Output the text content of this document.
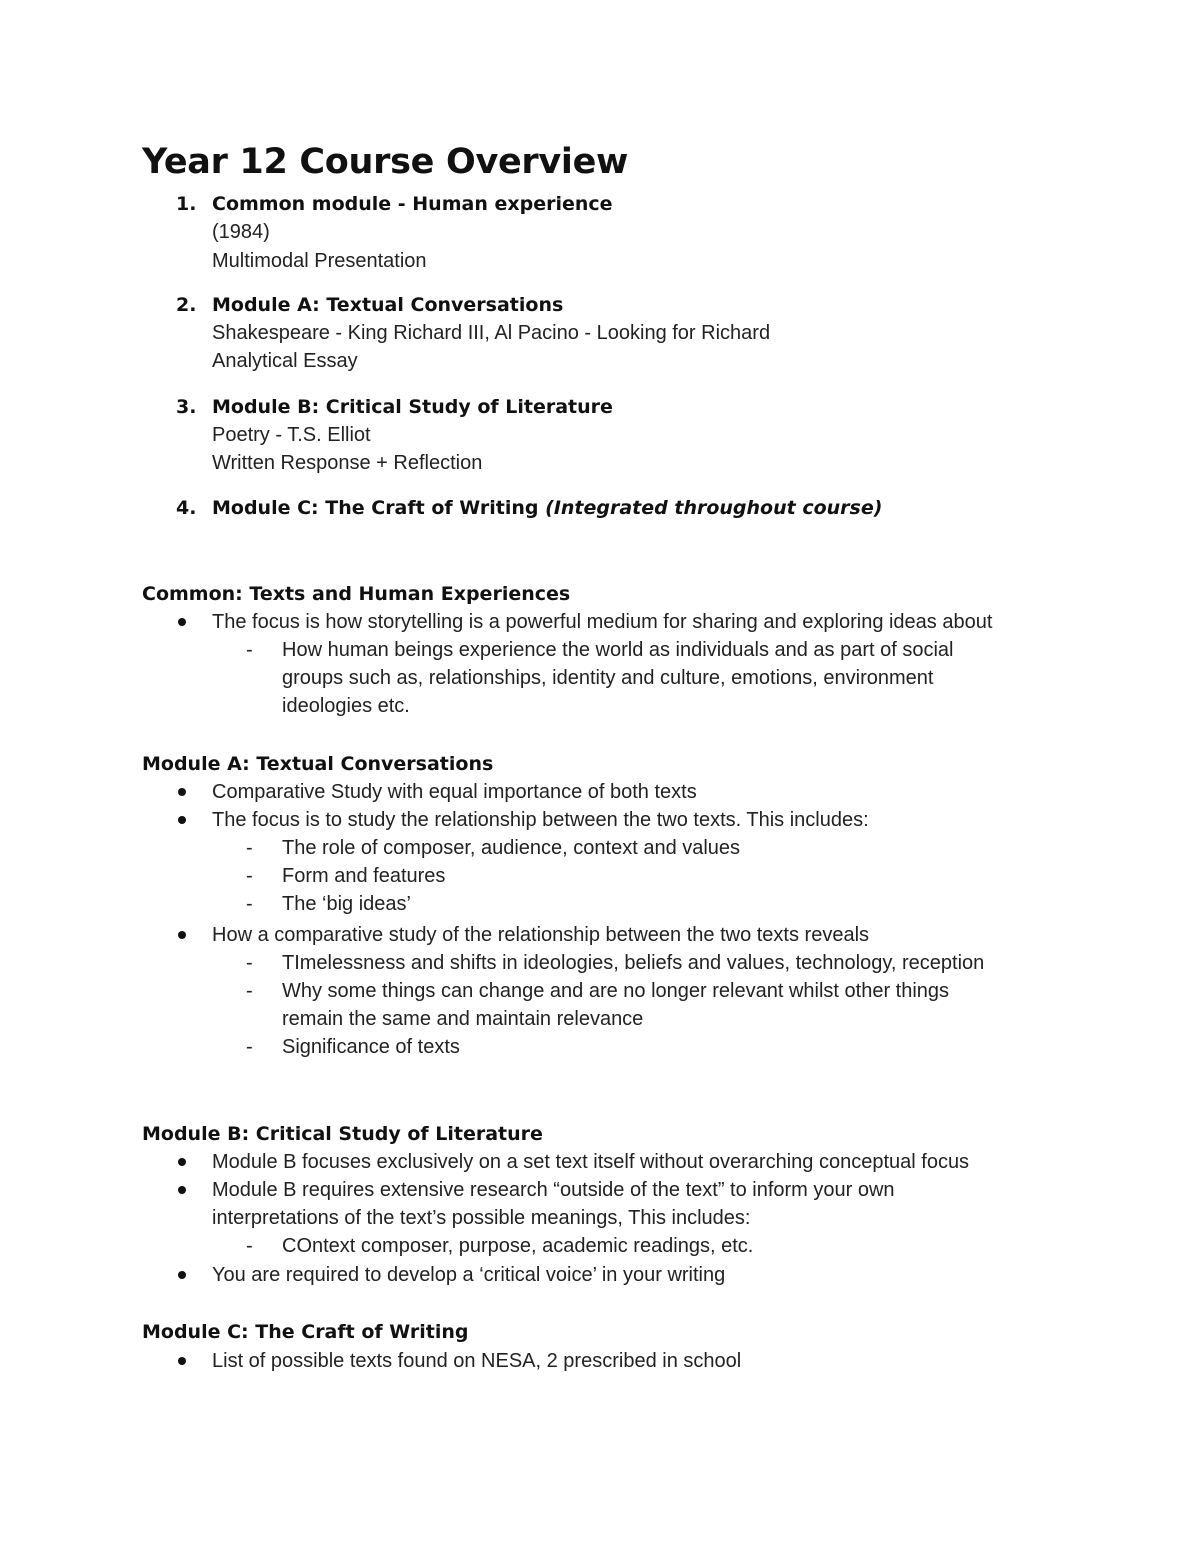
Year 12 Course Overview
1. Common module - Human experience
(1984)
Multimodal Presentation
2. Module A: Textual Conversations
Shakespeare - King Richard III, Al Pacino - Looking for Richard
Analytical Essay
3. Module B: Critical Study of Literature
Poetry - T.S. Elliot
Written Response + Reflection
4. Module C: The Craft of Writing (Integrated throughout course)
Common: Texts and Human Experiences
The focus is how storytelling is a powerful medium for sharing and exploring ideas about
- How human beings experience the world as individuals and as part of social
groups such as, relationships, identity and culture, emotions, environment
ideologies etc.
Module A: Textual Conversations
Comparative Study with equal importance of both texts
The focus is to study the relationship between the two texts. This includes:
- The role of composer, audience, context and values
- Form and features
- The ‘big ideas’
How a comparative study of the relationship between the two texts reveals
- TImelessness and shifts in ideologies, beliefs and values, technology, reception
- Why some things can change and are no longer relevant whilst other things
remain the same and maintain relevance
- Significance of texts
Module B: Critical Study of Literature
Module B focuses exclusively on a set text itself without overarching conceptual focus
Module B requires extensive research “outside of the text” to inform your own
interpretations of the text’s possible meanings, This includes:
- COntext composer, purpose, academic readings, etc.
You are required to develop a ‘critical voice’ in your writing
Module C: The Craft of Writing
List of possible texts found on NESA, 2 prescribed in school
